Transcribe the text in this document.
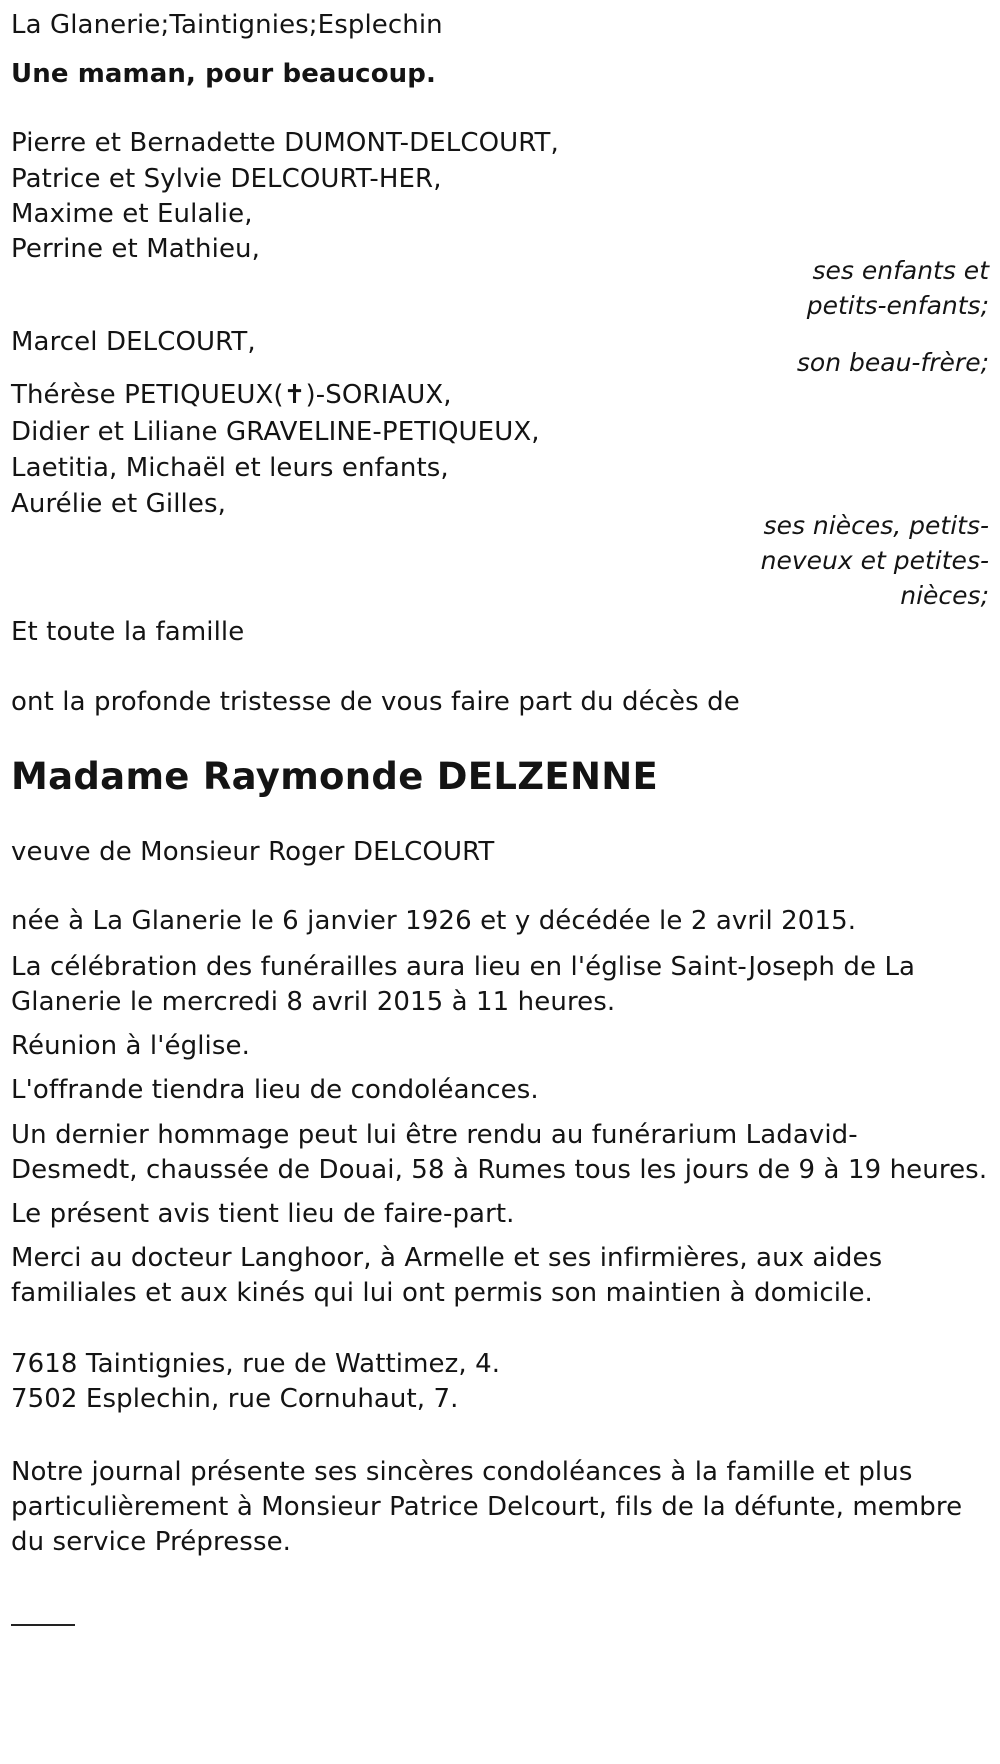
La Glanerie;Taintignies;Esplechin
Une maman, pour beaucoup.
Pierre et Bernadette DUMONT-DELCOURT,
Patrice et Sylvie DELCOURT-HER,
Maxime et Eulalie,
Perrine et Mathieu,
ses enfants et
petits-enfants;
Marcel DELCOURT,
son beau-frère;
Thérèse PETIQUEUX(✝)-SORIAUX,
Didier et Liliane GRAVELINE-PETIQUEUX,
Laetitia, Michaël et leurs enfants,
Aurélie et Gilles,
ses nièces, petits-
neveux et petites-
nièces;
Et toute la famille
ont la profonde tristesse de vous faire part du décès de
Madame Raymonde DELZENNE
veuve de Monsieur Roger DELCOURT
née à La Glanerie le 6 janvier 1926 et y décédée le 2 avril 2015.
La célébration des funérailles aura lieu en l'église Saint-Joseph de La
Glanerie le mercredi 8 avril 2015 à 11 heures.
Réunion à l'église.
L'offrande tiendra lieu de condoléances.
Un dernier hommage peut lui être rendu au funérarium Ladavid-
Desmedt, chaussée de Douai, 58 à Rumes tous les jours de 9 à 19 heures.
Le présent avis tient lieu de faire-part.
Merci au docteur Langhoor, à Armelle et ses infirmières, aux aides
familiales et aux kinés qui lui ont permis son maintien à domicile.
7618 Taintignies, rue de Wattimez, 4.
7502 Esplechin, rue Cornuhaut, 7.
Notre journal présente ses sincères condoléances à la famille et plus
particulièrement à Monsieur Patrice Delcourt, fils de la défunte, membre
du service Prépresse.
